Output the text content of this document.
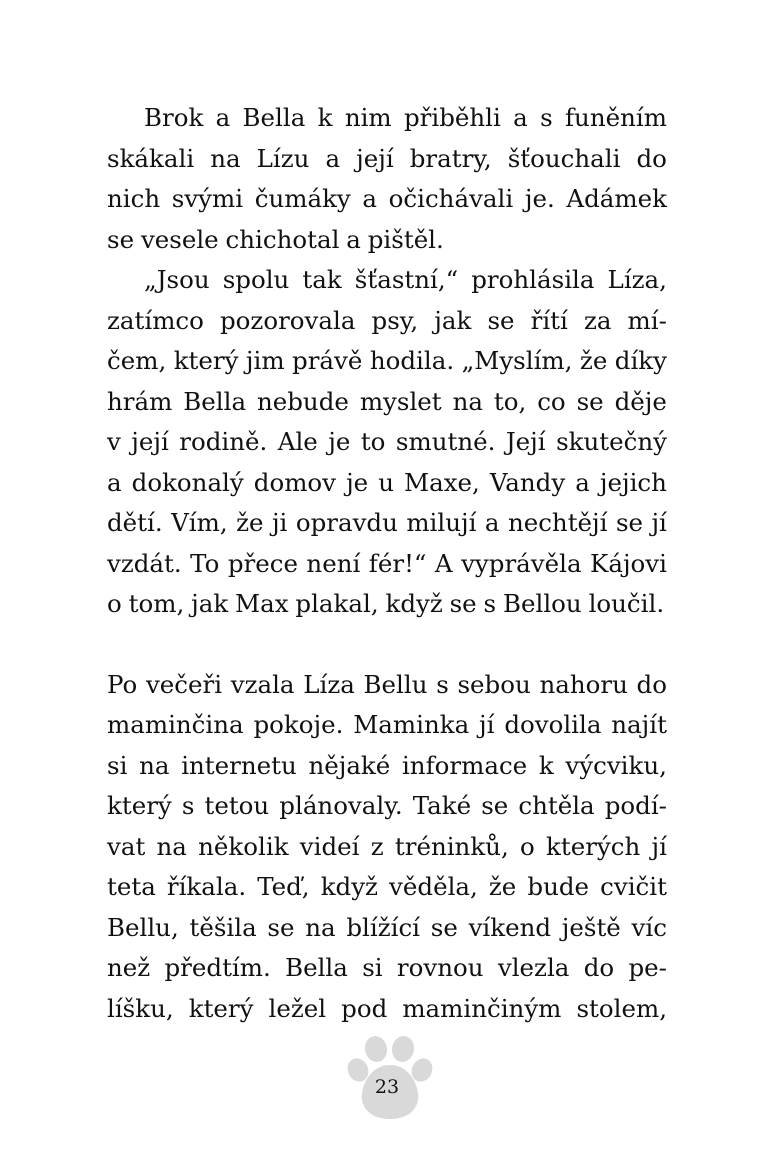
Brok a Bella k nim přiběhli a s funěním
skákali na Lízu a její bratry, šťouchali do
nich svými čumáky a očichávali je. Adámek
se vesele chichotal a pištěl.
„Jsou spolu tak šťastní,“ prohlásila Líza,
zatímco pozorovala psy, jak se řítí za mí-
čem, který jim právě hodila. „Myslím, že díky
hrám Bella nebude myslet na to, co se děje
v její rodině. Ale je to smutné. Její skutečný
a dokonalý domov je u Maxe, Vandy a jejich
dětí. Vím, že ji opravdu milují a nechtějí se jí
vzdát. To přece není fér!“ A vyprávěla Kájovi
o tom, jak Max plakal, když se s Bellou loučil.
Po večeři vzala Líza Bellu s sebou nahoru do
maminčina pokoje. Maminka jí dovolila najít
si na internetu nějaké informace k výcviku,
který s tetou plánovaly. Také se chtěla podí-
vat na několik videí z tréninků, o kterých jí
teta říkala. Teď, když věděla, že bude cvičit
Bellu, těšila se na blížící se víkend ještě víc
než předtím. Bella si rovnou vlezla do pe-
líšku, který ležel pod maminčiným stolem,
23
